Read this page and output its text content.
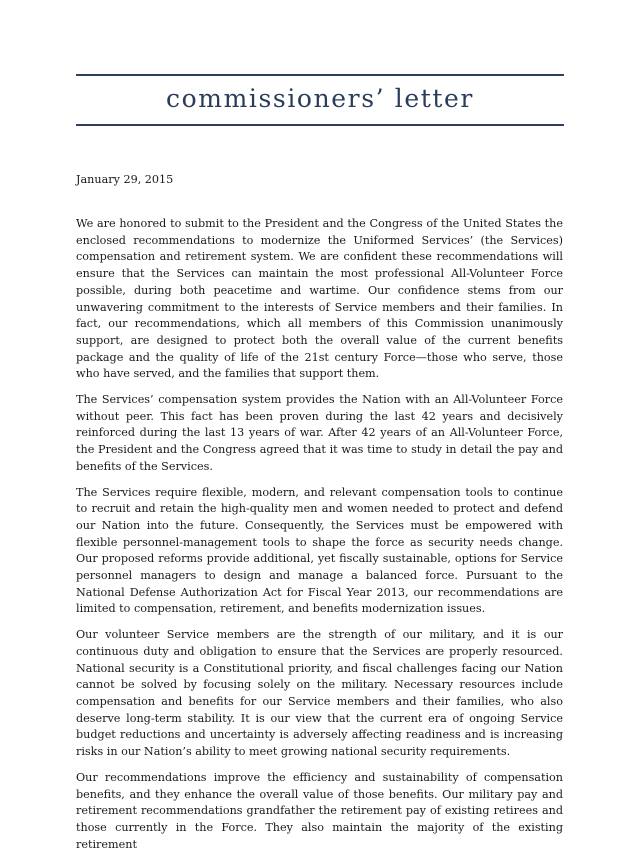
commissioners’ letter

January 29, 2015

We are honored to submit to the President and the Congress of the United States the enclosed recommendations to modernize the Uniformed Services’ (the Services) compensation and retirement system. We are confident these recommendations will ensure that the Services can maintain the most professional All-Volunteer Force possible, during both peacetime and wartime. Our confidence stems from our unwavering commitment to the interests of Service members and their families. In fact, our recommendations, which all members of this Commission unanimously support, are designed to protect both the overall value of the current benefits package and the quality of life of the 21st century Force—those who serve, those who have served, and the families that support them.

The Services’ compensation system provides the Nation with an All-Volunteer Force without peer. This fact has been proven during the last 42 years and decisively reinforced during the last 13 years of war. After 42 years of an All-Volunteer Force, the President and the Congress agreed that it was time to study in detail the pay and benefits of the Services.

The Services require flexible, modern, and relevant compensation tools to continue to recruit and retain the high-quality men and women needed to protect and defend our Nation into the future. Consequently, the Services must be empowered with flexible personnel-management tools to shape the force as security needs change. Our proposed reforms provide additional, yet fiscally sustainable, options for Service personnel managers to design and manage a balanced force. Pursuant to the National Defense Authorization Act for Fiscal Year 2013, our recommendations are limited to compensation, retirement, and benefits modernization issues.

Our volunteer Service members are the strength of our military, and it is our continuous duty and obligation to ensure that the Services are properly resourced. National security is a Constitutional priority, and fiscal challenges facing our Nation cannot be solved by focusing solely on the military. Necessary resources include compensation and benefits for our Service members and their families, who also deserve long-term stability. It is our view that the current era of ongoing Service budget reductions and uncertainty is adversely affecting readiness and is increasing risks in our Nation’s ability to meet growing national security requirements.

Our recommendations improve the efficiency and sustainability of compensation benefits, and they enhance the overall value of those benefits. Our military pay and retirement recommendations grandfather the retirement pay of existing retirees and those currently in the Force. They also maintain the majority of the existing retirement
